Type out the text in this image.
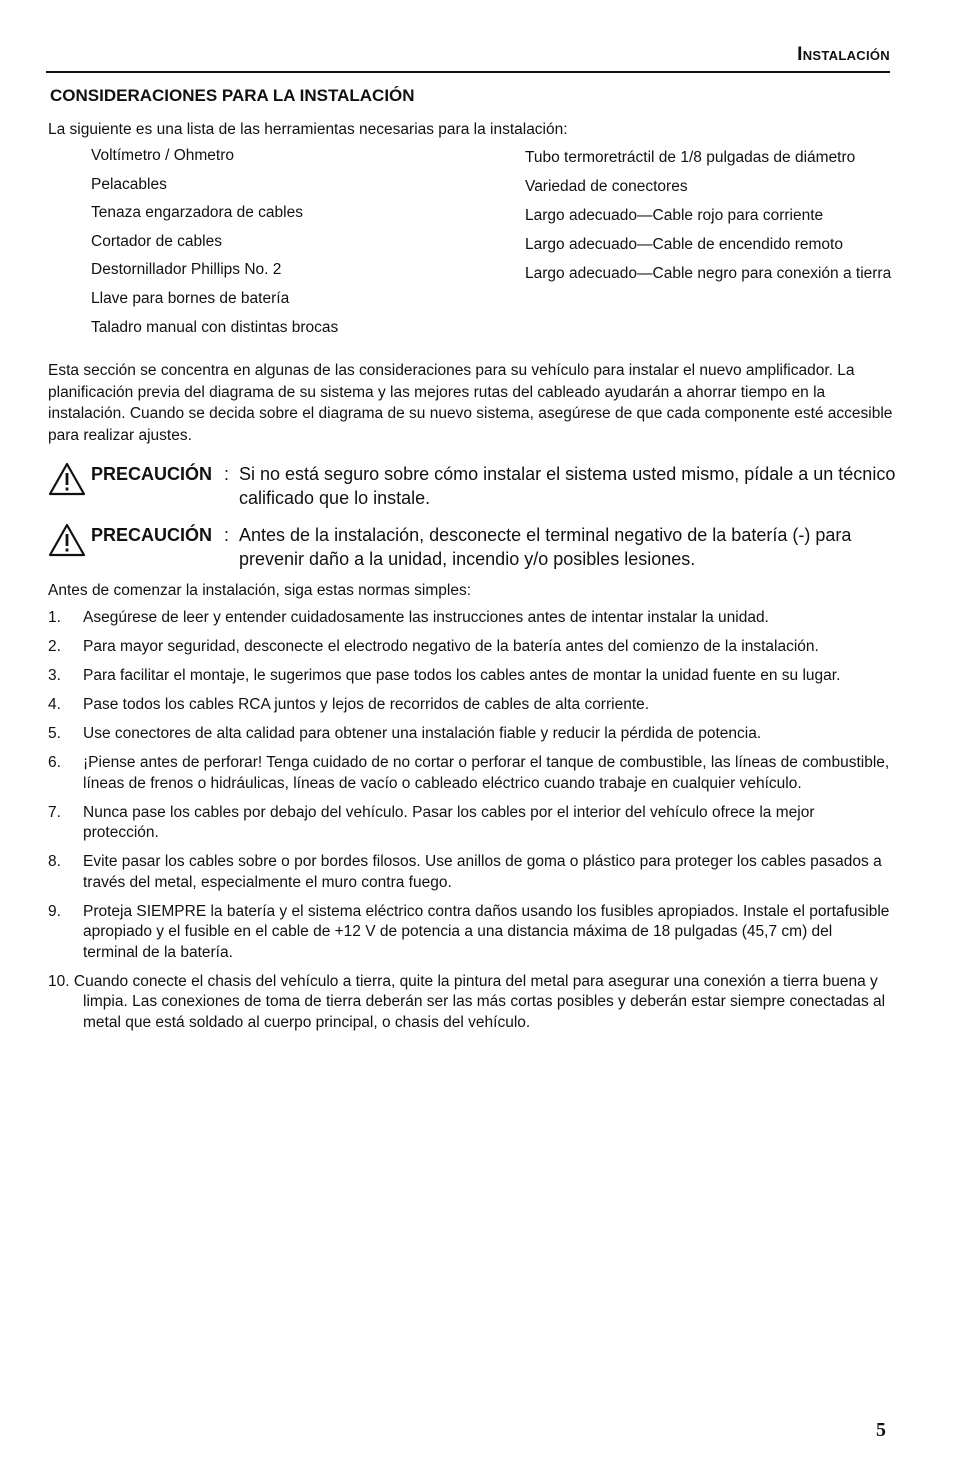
Instalación
CONSIDERACIONES PARA LA INSTALACIÓN
La siguiente es una lista de las herramientas necesarias para la instalación:
Voltímetro / Ohmetro
Pelacables
Tenaza engarzadora de cables
Cortador de cables
Destornillador Phillips No. 2
Llave para bornes de batería
Taladro manual con distintas brocas
Tubo termoretráctil de 1/8 pulgadas de diámetro
Variedad de conectores
Largo adecuado—Cable rojo para corriente
Largo adecuado—Cable de encendido remoto
Largo adecuado—Cable negro para conexión a tierra
Esta sección se concentra en algunas de las consideraciones para su vehículo para instalar el nuevo amplificador. La planificación previa del diagrama de su sistema y las mejores rutas del cableado ayudarán a ahorrar tiempo en la instalación. Cuando se decida sobre el diagrama de su nuevo sistema, asegúrese de que cada componente esté accesible para realizar ajustes.
PRECAUCIÓN : Si no está seguro sobre cómo instalar el sistema usted mismo, pídale a un técnico calificado que lo instale.
PRECAUCIÓN : Antes de la instalación, desconecte el terminal negativo de la batería (-) para prevenir daño a la unidad, incendio y/o posibles lesiones.
Antes de comenzar la instalación, siga estas normas simples:
1. Asegúrese de leer y entender cuidadosamente las instrucciones antes de intentar instalar la unidad.
2. Para mayor seguridad, desconecte el electrodo negativo de la batería antes del comienzo de la instalación.
3. Para facilitar el montaje, le sugerimos que pase todos los cables antes de montar la unidad fuente en su lugar.
4. Pase todos los cables RCA juntos y lejos de recorridos de cables de alta corriente.
5. Use conectores de alta calidad para obtener una instalación fiable y reducir la pérdida de potencia.
6. ¡Piense antes de perforar! Tenga cuidado de no cortar o perforar el tanque de combustible, las líneas de combustible, líneas de frenos o hidráulicas, líneas de vacío o cableado eléctrico cuando trabaje en cualquier vehículo.
7. Nunca pase los cables por debajo del vehículo. Pasar los cables por el interior del vehículo ofrece la mejor protección.
8. Evite pasar los cables sobre o por bordes filosos. Use anillos de goma o plástico para proteger los cables pasados a través del metal, especialmente el muro contra fuego.
9. Proteja SIEMPRE la batería y el sistema eléctrico contra daños usando los fusibles apropiados. Instale el portafusible apropiado y el fusible en el cable de +12 V de potencia a una distancia máxima de 18 pulgadas (45,7 cm) del terminal de la batería.
10. Cuando conecte el chasis del vehículo a tierra, quite la pintura del metal para asegurar una conexión a tierra buena y limpia. Las conexiones de toma de tierra deberán ser las más cortas posibles y deberán estar siempre conectadas al metal que está soldado al cuerpo principal, o chasis del vehículo.
5
